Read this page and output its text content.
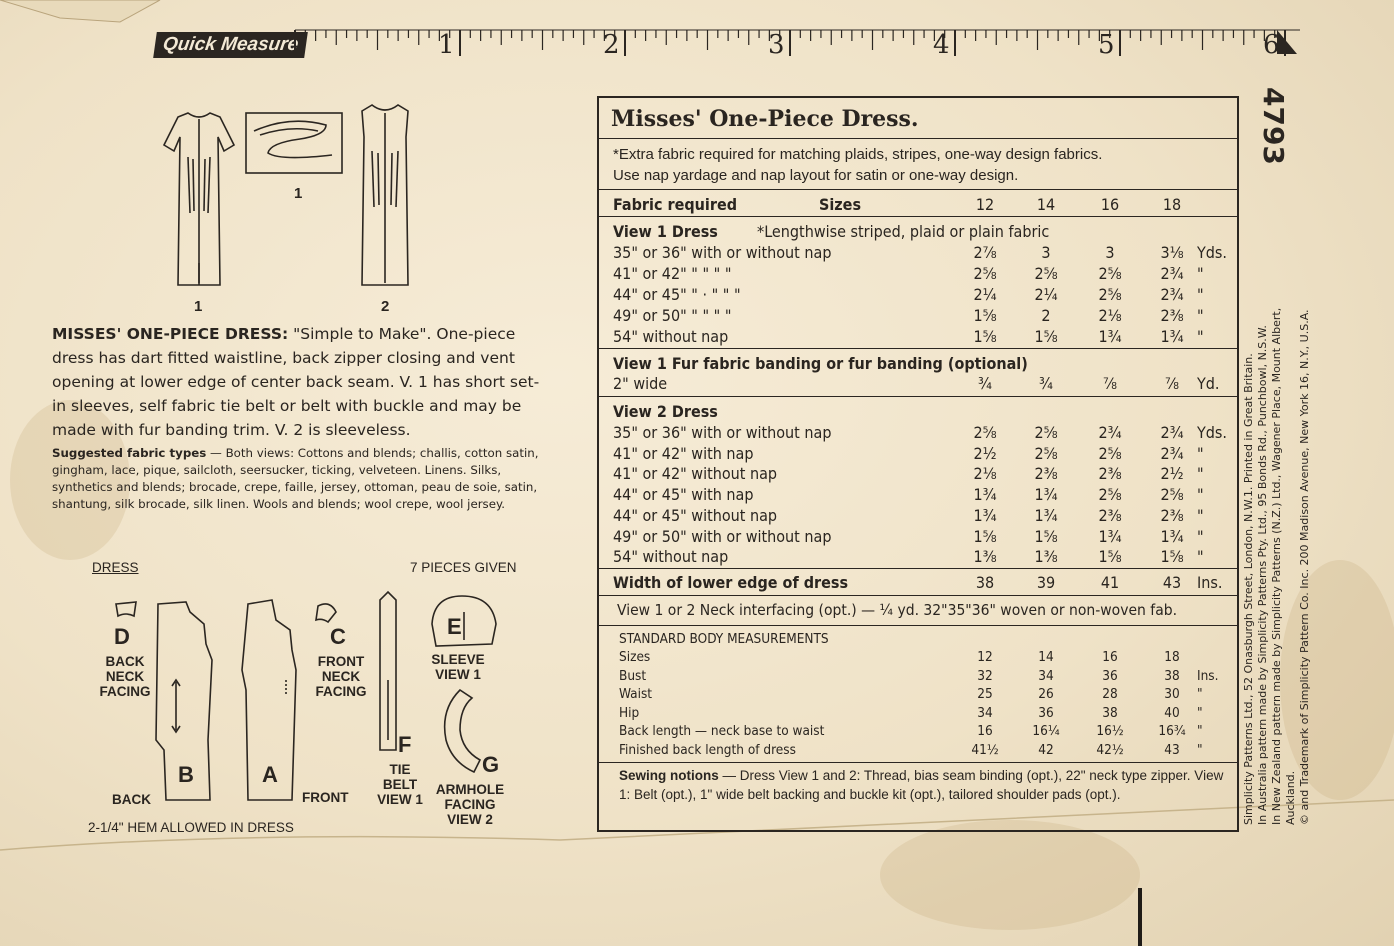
Quick Measure	1	2	3	4	5	6
4793
1
1	2
MISSES' ONE-PIECE DRESS: "Simple to Make". One-piece dress has dart fitted waistline, back zipper closing and vent opening at lower edge of center back seam. V. 1 has short set-in sleeves, self fabric tie belt or belt with buckle and may be made with fur banding trim. V. 2 is sleeveless.
Suggested fabric types — Both views: Cottons and blends; challis, cotton satin, gingham, lace, pique, sailcloth, seersucker, ticking, velveteen. Linens. Silks, synthetics and blends; brocade, crepe, faille, jersey, ottoman, peau de soie, satin, shantung, silk brocade, silk linen. Wools and blends; wool crepe, wool jersey.
DRESS	7 PIECES GIVEN
D
BACK NECK FACING
B
BACK
A
FRONT
C
FRONT NECK FACING
F
TIE BELT VIEW 1
E
SLEEVE VIEW 1
G
ARMHOLE FACING VIEW 2
2-1/4" HEM ALLOWED IN DRESS
Misses' One-Piece Dress.
*Extra fabric required for matching plaids, stripes, one-way design fabrics.
Use nap yardage and nap layout for satin or one-way design.
Fabric required	Sizes	12	14	16	18
View 1 Dress *Lengthwise striped, plaid or plain fabric
35" or 36" with or without nap	2⅞	3	3	3⅛ Yds.
41" or 42" " " " "	2⅝ 2⅝	2⅝ 2¾ "
44" or 45" " · " " "	2¼ 2¼	2⅝ 2¾ "
49" or 50" " " " "	1⅝	2	2⅛ 2⅜ "
54" without nap	1⅝ 1⅝	1¾ 1¾ "
View 1 Fur fabric banding or fur banding (optional)
2" wide	¾	¾	⅞	⅞	Yd.
View 2 Dress
35" or 36" with or without nap	2⅝ 2⅝	2¾ 2¾ Yds.
41" or 42" with nap	2½ 2⅝	2⅝ 2¾ "
41" or 42" without nap	2⅛ 2⅜	2⅜ 2½ "
44" or 45" with nap	1¾ 1¾	2⅝ 2⅝ "
44" or 45" without nap	1¾ 1¾	2⅜ 2⅜ "
49" or 50" with or without nap	1⅝ 1⅝	1¾ 1¾ "
54" without nap	1⅜ 1⅜	1⅝ 1⅝ "
Width of lower edge of dress	38	39	41	43 Ins.
View 1 or 2 Neck interfacing (opt.) — ¼ yd. 32"35"36" woven or non-woven fab.
STANDARD BODY MEASUREMENTS
Sizes	12	14	16	18
Bust	32	34	36	38	Ins.
Waist	25	26	28	30	"
Hip	34	36	38	40	"
Back length — neck base to waist	16	16¼	16½	16¾ "
Finished back length of dress	41½	42	42½	43	"
Sewing notions — Dress View 1 and 2: Thread, bias seam binding (opt.), 22" neck type zipper. View 1: Belt (opt.), 1" wide belt backing and buckle kit (opt.), tailored shoulder pads (opt.).	Simplicity Patterns Ltd., 52 Onasburgh Street, London, N.W.1. Printed in Great Britain. In Australia pattern made by Simplicity Patterns Pty. Ltd., 95 Bonds Rd., Punchbowl, N.S.W. In New Zealand pattern made by Simplicity Patterns (N.Z.) Ltd., Wagener Place, Mount Albert, Auckland. © and Trademark of Simplicity Pattern Co. Inc. 200 Madison Avenue, New York 16, N.Y., U.S.A.
